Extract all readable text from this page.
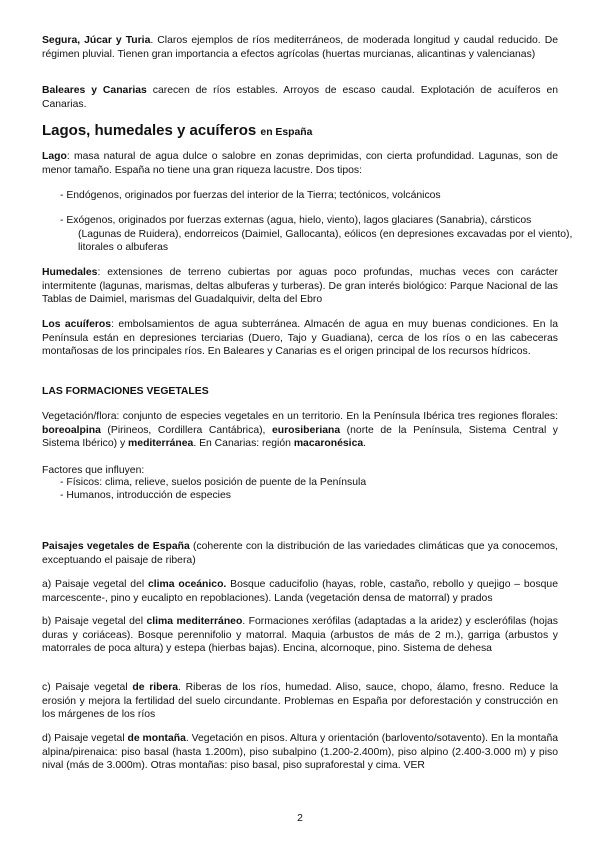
Segura, Júcar y Turia. Claros ejemplos de ríos mediterráneos, de moderada longitud y caudal reducido. De régimen pluvial. Tienen gran importancia a efectos agrícolas (huertas murcianas, alicantinas y valencianas)

Baleares y Canarias carecen de ríos estables. Arroyos de escaso caudal. Explotación de acuíferos en Canarias.

Lagos, humedales y acuíferos en España

Lago: masa natural de agua dulce o salobre en zonas deprimidas, con cierta profundidad. Lagunas, son de menor tamaño. España no tiene una gran riqueza lacustre. Dos tipos:

- Endógenos, originados por fuerzas del interior de la Tierra; tectónicos, volcánicos

- Exógenos, originados por fuerzas externas (agua, hielo, viento), lagos glaciares (Sanabria), cársticos (Lagunas de Ruidera), endorreicos (Daimiel, Gallocanta), eólicos (en depresiones excavadas por el viento), litorales o albuferas

Humedales: extensiones de terreno cubiertas por aguas poco profundas, muchas veces con carácter intermitente (lagunas, marismas, deltas albuferas y turberas). De gran interés biológico: Parque Nacional de las Tablas de Daimiel, marismas del Guadalquivir, delta del Ebro

Los acuíferos: embolsamientos de agua subterránea. Almacén de agua en muy buenas condiciones. En la Península están en depresiones terciarias (Duero, Tajo y Guadiana), cerca de los ríos o en las cabeceras montañosas de los principales ríos. En Baleares y Canarias es el origen principal de los recursos hídricos.

LAS FORMACIONES VEGETALES

Vegetación/flora: conjunto de especies vegetales en un territorio. En la Península Ibérica tres regiones florales: boreoalpina (Pirineos, Cordillera Cantábrica), eurosiberiana (norte de la Península, Sistema Central y Sistema Ibérico) y mediterránea. En Canarias: región macaronésica.

Factores que influyen:

- Físicos: clima, relieve, suelos posición de puente de la Península

- Humanos, introducción de especies

Paisajes vegetales de España (coherente con la distribución de las variedades climáticas que ya conocemos, exceptuando el paisaje de ribera)

a) Paisaje vegetal del clima oceánico. Bosque caducifolio (hayas, roble, castaño, rebollo y quejigo – bosque marcescente-, pino y eucalipto en repoblaciones). Landa (vegetación densa de matorral) y prados

b) Paisaje vegetal del clima mediterráneo. Formaciones xerófilas (adaptadas a la aridez) y esclerófilas (hojas duras y coriáceas). Bosque perennifolio y matorral. Maquia (arbustos de más de 2 m.), garriga (arbustos y matorrales de poca altura) y estepa (hierbas bajas). Encina, alcornoque, pino. Sistema de dehesa

c) Paisaje vegetal de ribera. Riberas de los ríos, humedad. Aliso, sauce, chopo, álamo, fresno. Reduce la erosión y mejora la fertilidad del suelo circundante. Problemas en España por deforestación y construcción en los márgenes de los ríos

d) Paisaje vegetal de montaña. Vegetación en pisos. Altura y orientación (barlovento/sotavento). En la montaña alpina/pirenaica: piso basal (hasta 1.200m), piso subalpino (1.200-2.400m), piso alpino (2.400-3.000 m) y piso nival (más de 3.000m). Otras montañas: piso basal, piso supraforestal y cima. VER

2
